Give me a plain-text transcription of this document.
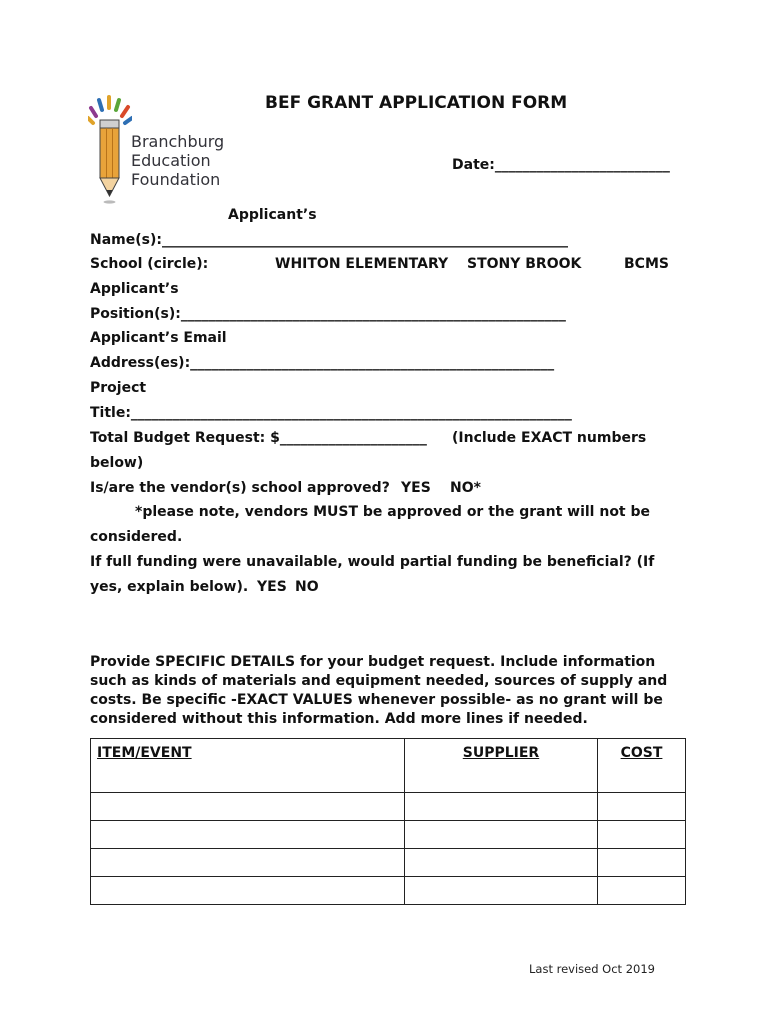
Branchburg
Education
Foundation
BEF GRANT APPLICATION FORM
Date:_________________________
Applicant’s
Name(s):__________________________________________________________
School (circle):	WHITON ELEMENTARY STONY BROOK	BCMS
Applicant’s
Position(s):_______________________________________________________
Applicant’s Email
Address(es):____________________________________________________
Project
Title:_______________________________________________________________
Total Budget Request: $_____________________ (Include EXACT numbers
below)
Is/are the vendor(s) school approved? YES NO*
*please note, vendors MUST be approved or the grant will not be
considered.
If full funding were unavailable, would partial funding be beneficial? (If
yes, explain below). YES NO
Provide SPECIFIC DETAILS for your budget request. Include information
such as kinds of materials and equipment needed, sources of supply and
costs. Be specific -EXACT VALUES whenever possible- as no grant will be
considered without this information. Add more lines if needed.
ITEM/EVENT	SUPPLIER	COST

Last revised Oct 2019
